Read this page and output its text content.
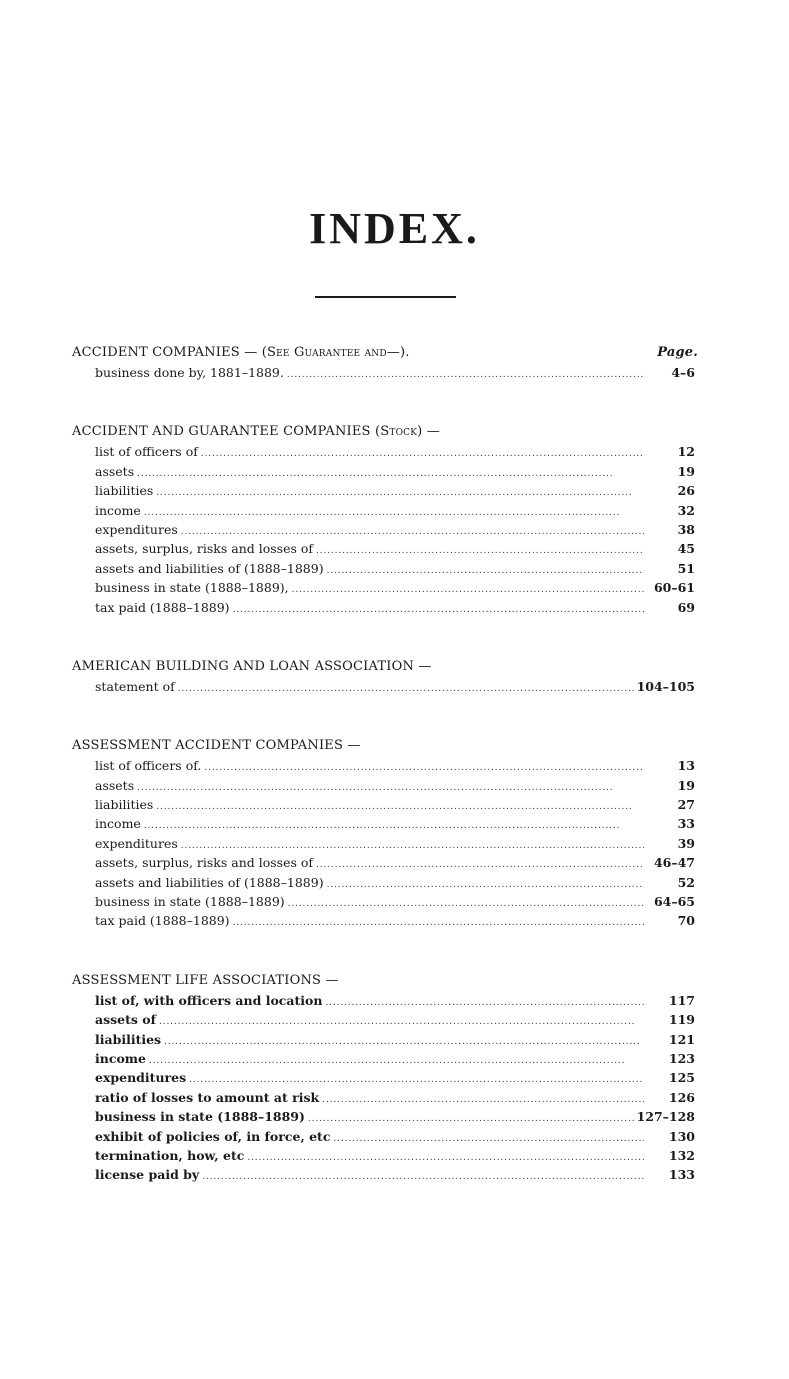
INDEX.
ACCIDENT COMPANIES — (See Guarantee and—).	Page.
business done by, 1881–1889. . . .	4–6
ACCIDENT AND GUARANTEE COMPANIES (Stock) —
list of officers of . . .	12
assets . . .	19
liabilities . . .	26
income . . .	32
expenditures . . .	38
assets, surplus, risks and losses of . . .	45
assets and liabilities of (1888–1889) . . .	51
business in state (1888–1889), . . .	60–61
tax paid (1888–1889) . . .	69
AMERICAN BUILDING AND LOAN ASSOCIATION —
statement of . . .	104–105
ASSESSMENT ACCIDENT COMPANIES —
list of officers of. . . .	13
assets . . .	19
liabilities . . .	27
income . . .	33
expenditures . . .	39
assets, surplus, risks and losses of . . .	46–47
assets and liabilities of (1888–1889) . . .	52
business in state (1888–1889) . . .	64–65
tax paid (1888–1889) . . .	70
ASSESSMENT LIFE ASSOCIATIONS —
list of, with officers and location . . .	117
assets of . . .	119
liabilities . . .	121
income . . .	123
expenditures . . .	125
ratio of losses to amount at risk . . .	126
business in state (1888–1889) . . .	127–128
exhibit of policies of, in force, etc . . .	130
termination, how, etc . . .	132
license paid by . . .	133
